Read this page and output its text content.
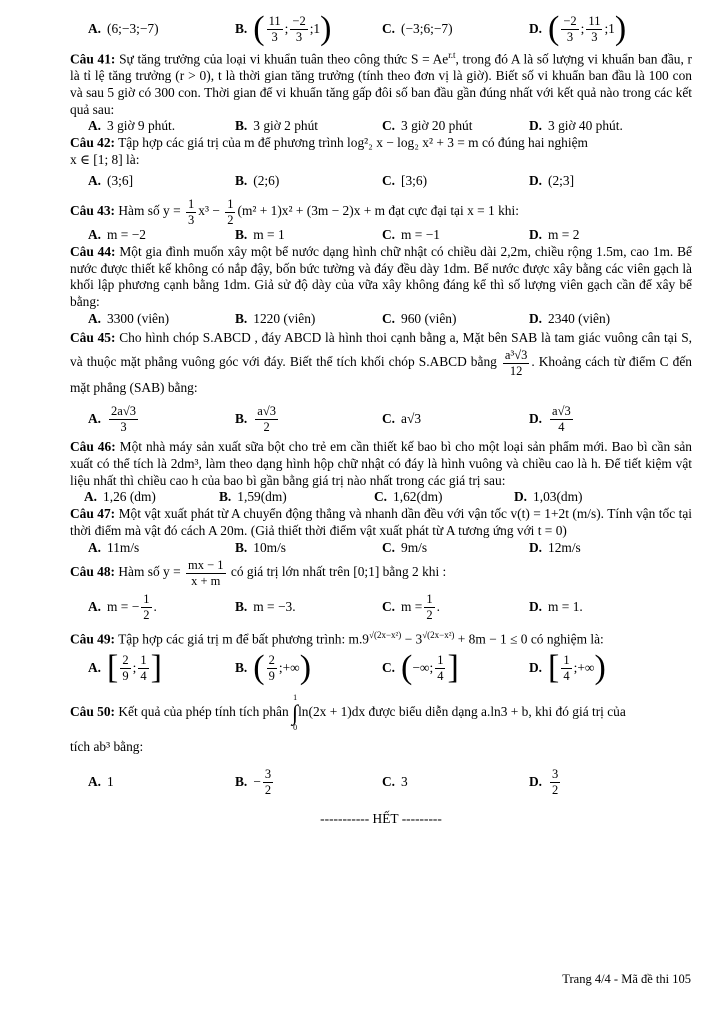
A. (6;−3;−7)	B. ( $\frac{11}{3}$ ; $\frac{-2}{3}$ ;1 )	C. (−3;6;−7)	D. ( $\frac{-2}{3}$ ; $\frac{11}{3}$ ;1 )

Câu 41: Sự tăng trưởng của loại vi khuẩn tuân theo công thức $S = Ae^{r.t}$, trong đó A là số lượng vi khuẩn ban đầu, r là tỉ lệ tăng trưởng (r > 0), t là thời gian tăng trưởng (tính theo đơn vị là giờ). Biết số vi khuẩn ban đầu là 100 con và sau 5 giờ có 300 con. Thời gian để vi khuẩn tăng gấp đôi số ban đầu gần đúng nhất với kết quả nào trong các kết quả sau:

A. 3 giờ 9 phút.	B. 3 giờ 2 phút	C. 3 giờ 20 phút	D. 3 giờ 40 phút.

Câu 42: Tập hợp các giá trị của m để phương trình log²₂ x − log₂ x² + 3 = m có đúng hai nghiệm
x ∈ [1; 8] là:

A. (3;6]	B. (2;6)	C. [3;6)	D. (2;3]

Câu 43: Hàm số $y = \frac{1}{3} x^3 - \frac{1}{2} (m^2 + 1)x^2 + (3m - 2)x + m$ đạt cực đại tại x = 1 khi:

A. m = −2	B. m = 1	C. m = −1	D. m = 2

Câu 44: Một gia đình muốn xây một bể nước dạng hình chữ nhật có chiều dài 2,2m, chiều rộng 1.5m, cao 1m. Bể nước được thiết kế không có nắp đậy, bốn bức tường và đáy đều dày 1dm. Bể nước được xây bằng các viên gạch là khối lập phương cạnh bằng 1dm. Giả sử độ dày của vữa xây không đáng kể thì số lượng viên gạch cần để xây bể bằng:

A. 3300 (viên)	B. 1220 (viên)	C. 960 (viên)	D. 2340 (viên)

Câu 45: Cho hình chóp S.ABCD , đáy ABCD là hình thoi cạnh bằng a, Mặt bên SAB là tam giác vuông cân tại S, và thuộc mặt phẳng vuông góc với đáy. Biết thể tích khối chóp S.ABCD bằng $\frac{\text{a³√3}}{12}$ . Khoảng cách từ điểm C đến mặt phẳng (SAB) bằng:

A. $\frac{2a√3}{3}$	B. $\frac{a√3}{2}$	C. a√3	D. $\frac{a√3}{4}$

Câu 46: Một nhà máy sản xuất sữa bột cho trẻ em cần thiết kế bao bì cho một loại sản phẩm mới. Bao bì cần sản xuất có thể tích là 2dm³, làm theo dạng hình hộp chữ nhật có đáy là hình vuông và chiều cao là h. Để tiết kiệm vật liệu nhất thì chiều cao h của bao bì gần bằng giá trị nào nhất trong các giá trị sau:

A. 1,26 (dm)	B. 1,59(dm)	C. 1,62(dm)	D. 1,03(dm)

Câu 47: Một vật xuất phát từ A chuyển động thẳng và nhanh dần đều với vận tốc v(t) = 1+2t (m/s). Tính vận tốc tại thời điểm mà vật đó cách A 20m. (Giả thiết thời điểm vật xuất phát từ A tương ứng với t = 0)

A. 11m/s	B. 10m/s	C. 9m/s	D. 12m/s

Câu 48: Hàm số $y = \frac{mx - 1}{x + m}$ có giá trị lớn nhất trên [0;1] bằng 2 khi :

A. m = − $\frac{1}{2}$ .	B. m = −3.	C. $m = \frac{1}{2}$ .	D. m = 1.

Câu 49: Tập hợp các giá trị m để bất phương trình: $m.9^{√(2x-x^2)} - 3^{√(2x-x^2)} + 8m - 1 \le 0$ có nghiệm là:

A. [ $\frac{2}{9}$ ; $\frac{1}{4}$ ]	B. ( $\frac{2}{9}$ ;+∞ )	C. ( −∞; $\frac{1}{4}$ ]	D. [ $\frac{1}{4}$ ;+∞ )

Câu 50: Kết quả của phép tính tích phân
1
∫
0
ln(2x + 1)dx được biểu diễn dạng a.ln3 + b, khi đó giá trị của
tích ab³ bằng:

A. 1	B. − $\frac{3}{2}$	C. 3	D. $\frac{3}{2}$
----------- HẾT ---------
Trang 4/4 - Mã đề thi 105
